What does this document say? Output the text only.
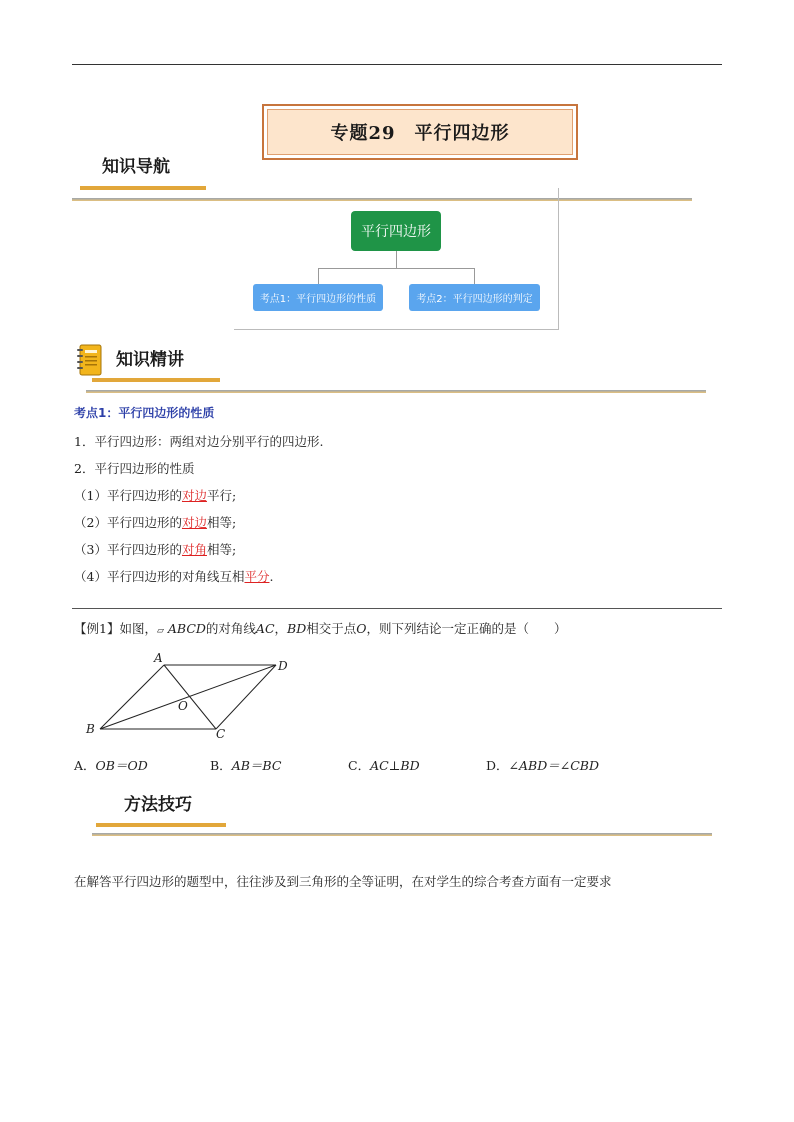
专题29　平行四边形
知识导航
平行四边形
考点1：平行四边形的性质	考点2：平行四边形的判定
知识精讲
考点1：平行四边形的性质
1．平行四边形：两组对边分别平行的四边形.
2．平行四边形的性质
（1）平行四边形的对边平行;
（2）平行四边形的对边相等;
（3）平行四边形的对角相等;
（4）平行四边形的对角线互相平分.
【例1】如图，▱ ABCD的对角线AC，BD相交于点O，则下列结论一定正确的是（　　）
A
D
B	C
O
A．OB＝OD	B．AB＝BC	C．AC⊥BD	D．∠ABD＝∠CBD
方法技巧
在解答平行四边形的题型中，往往涉及到三角形的全等证明，在对学生的综合考查方面有一定要求
